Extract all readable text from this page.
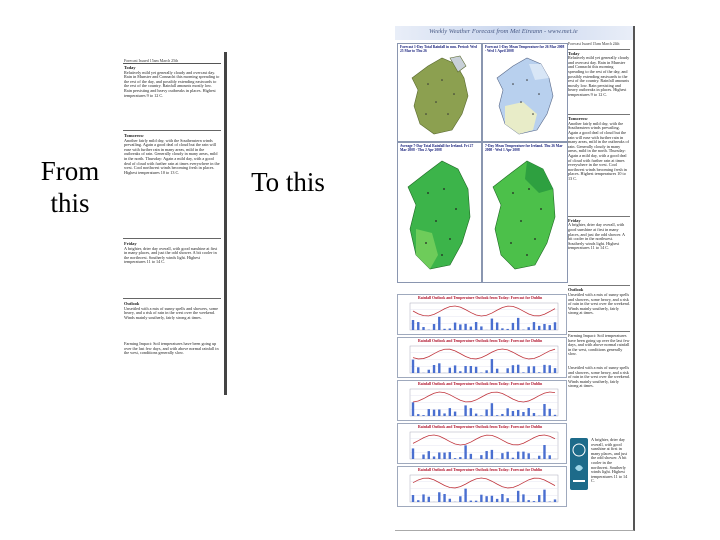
From this
To this
Forecast Issued 15am March 25th
Today
Relatively mild yet generally cloudy and overcast day. Rain in Munster and Connacht this morning spreading to the rest of the day, and possibly extending eastwards to the rest of the country. Rainfall amounts mostly low. Rain persisting and heavy outbreaks in places. Highest temperatures 9 to 12 C.
Tomorrow
Another fairly mild day, with the Southeastern winds prevailing. Again a good deal of cloud but the rain will ease with further rain in many areas, mild in the outbreaks of rain. Generally cloudy in many areas, mild in the north. Thursday: Again a mild day, with a good deal of cloud with further rain at times everywhere in the west. Cool northwest winds becoming fresh in places. Highest temperatures 10 to 13 C.
Friday
A brighter, drier day overall, with good sunshine at first in many places, and just the odd shower. A bit cooler in the northwest. Southerly winds light. Highest temperatures 11 to 14 C.
Outlook
Unsettled with a mix of sunny spells and showers, some heavy, and a risk of rain in the west over the weekend. Winds mainly southerly, fairly strong at times.
Farming Impact: Soil temperatures have been going up over the last few days, and with above normal rainfall in the west, conditions generally slow.
Weekly Weather Forecast from Met Eireann - www.met.ie
Forecast 1-Day Total Rainfall in mm. Period: Wed 25 Mar to Thu 26
Forecast 1-Day Mean Temperature for 26 Mar 2008 - Wed 1 April 2008
Average 7-Day Total Rainfall for Ireland. Fri 27 Mar 2008 - Thu 2 Apr 2008
7-Day Mean Temperature for Ireland. Thu 26 Mar 2008 - Wed 1 Apr 2008
Forecast Issued 15am March 24th
Today
Relatively mild yet generally cloudy and overcast day. Rain in Munster and Connacht this morning spreading to the rest of the day, and possibly extending eastwards to the rest of the country. Rainfall amounts mostly low. Rain persisting and heavy outbreaks in places. Highest temperatures 9 to 12 C.
Tomorrow
Another fairly mild day, with the Southeastern winds prevailing. Again a good deal of cloud but the rain will ease with further rain in many areas, mild in the outbreaks of rain. Generally cloudy in many areas, mild in the north. Thursday: Again a mild day, with a good deal of cloud with further rain at times everywhere in the west. Cool northwest winds becoming fresh in places. Highest temperatures 10 to 13 C.
Friday
A brighter, drier day overall, with good sunshine at first in many places, and just the odd shower. A bit cooler in the northwest. Southerly winds light. Highest temperatures 11 to 14 C.
Outlook
Unsettled with a mix of sunny spells and showers, some heavy, and a risk of rain in the west over the weekend. Winds mainly southerly, fairly strong at times.
Farming Impact: Soil temperatures have been going up over the last few days, and with above normal rainfall in the west, conditions generally slow.
Rainfall Outlook and Temperature Outlook from Today: Forecast for Dublin
Rainfall Outlook and Temperature Outlook from Today: Forecast for Dublin
Rainfall Outlook and Temperature Outlook from Today: Forecast for Dublin
Rainfall Outlook and Temperature Outlook from Today: Forecast for Dublin
Rainfall Outlook and Temperature Outlook from Today: Forecast for Dublin
Unsettled with a mix of sunny spells and showers, some heavy, and a risk of rain in the west over the weekend. Winds mainly southerly, fairly strong at times.
A brighter, drier day overall, with good sunshine at first in many places, and just the odd shower. A bit cooler in the northwest. Southerly winds light. Highest temperatures 11 to 14 C.
